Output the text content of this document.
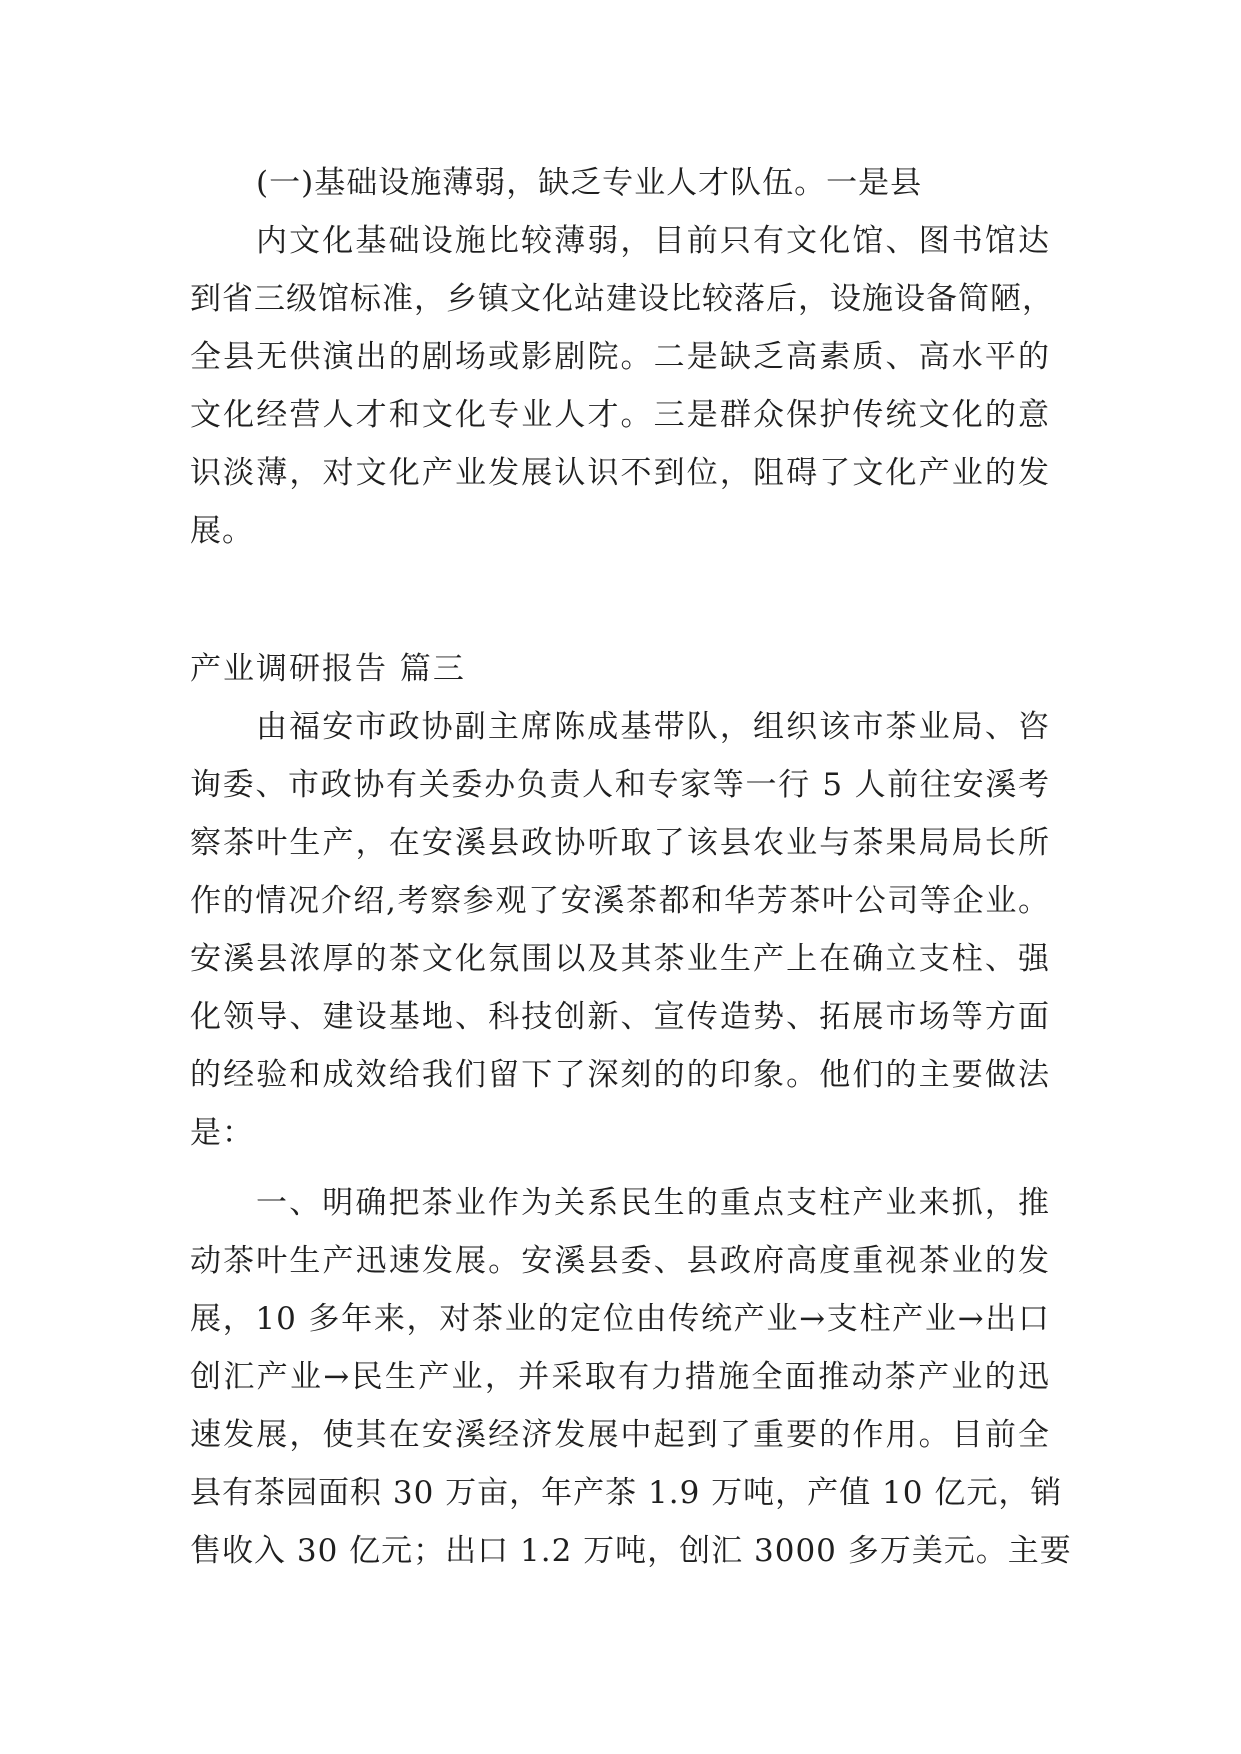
(一)基础设施薄弱，缺乏专业人才队伍。一是县
内文化基础设施比较薄弱，目前只有文化馆、图书馆达
到省三级馆标准，乡镇文化站建设比较落后，设施设备简陋，
全县无供演出的剧场或影剧院。二是缺乏高素质、高水平的
文化经营人才和文化专业人才。三是群众保护传统文化的意
识淡薄，对文化产业发展认识不到位，阻碍了文化产业的发
展。
产业调研报告 篇三
由福安市政协副主席陈成基带队，组织该市茶业局、咨
询委、市政协有关委办负责人和专家等一行 5 人前往安溪考
察茶叶生产，在安溪县政协听取了该县农业与茶果局局长所
作的情况介绍,考察参观了安溪茶都和华芳茶叶公司等企业。
安溪县浓厚的茶文化氛围以及其茶业生产上在确立支柱、强
化领导、建设基地、科技创新、宣传造势、拓展市场等方面
的经验和成效给我们留下了深刻的的印象。他们的主要做法
是：
一、明确把茶业作为关系民生的重点支柱产业来抓，推
动茶叶生产迅速发展。安溪县委、县政府高度重视茶业的发
展，10 多年来，对茶业的定位由传统产业→支柱产业→出口
创汇产业→民生产业，并采取有力措施全面推动茶产业的迅
速发展，使其在安溪经济发展中起到了重要的作用。目前全
县有茶园面积 30 万亩，年产茶 1.9 万吨，产值 10 亿元，销
售收入 30 亿元；出口 1.2 万吨，创汇 3000 多万美元。主要
